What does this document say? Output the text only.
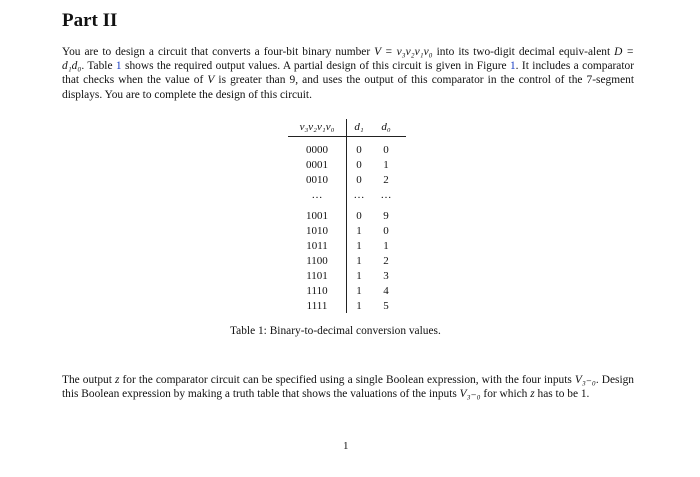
Part II

You are to design a circuit that converts a four-bit binary number V = v₃v₂v₁v₀ into its two-digit decimal equiv-alent D = d₁d₀. Table 1 shows the required output values. A partial design of this circuit is given in Figure 1. It includes a comparator that checks when the value of V is greater than 9, and uses the output of this comparator in the control of the 7-segment displays. You are to complete the design of this circuit.

v₃v₂v₁v₀	d₁	d₀
0000	0	0
0001	0	1
0010	0	2
…	…	…
1001	0	9
1010	1	0
1011	1	1
1100	1	2
1101	1	3
1110	1	4
1111	1	5

Table 1: Binary-to-decimal conversion values.

The output z for the comparator circuit can be specified using a single Boolean expression, with the four inputs V₃₋₀. Design this Boolean expression by making a truth table that shows the valuations of the inputs V₃₋₀ for which z has to be 1.

1
